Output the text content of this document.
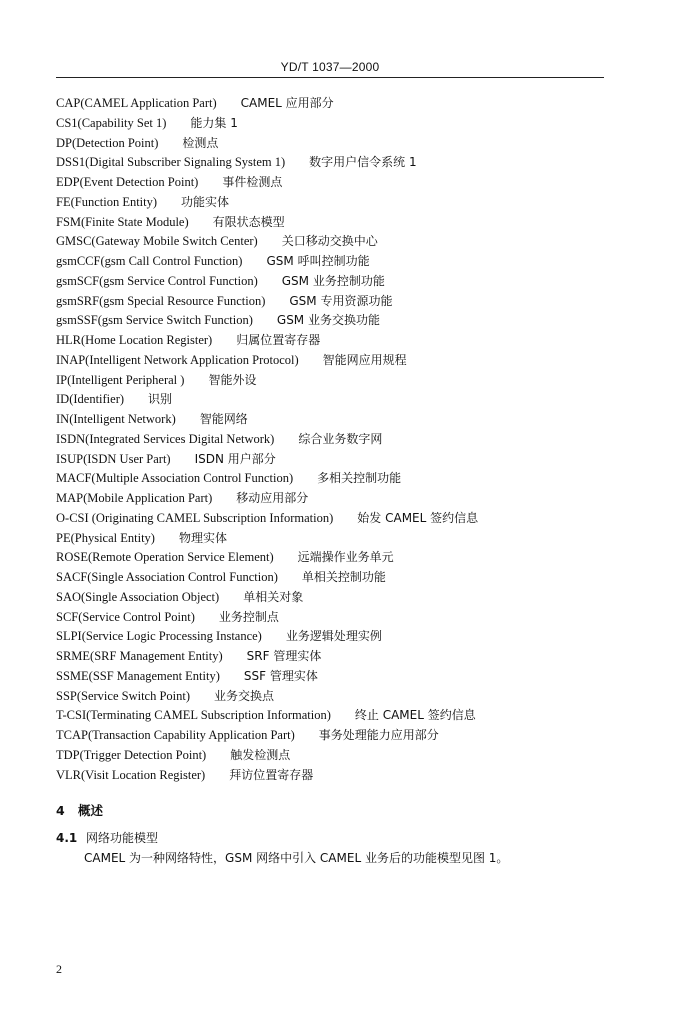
YD/T 1037—2000
CAP(CAMEL Application Part) CAMEL 应用部分
CS1(Capability Set 1) 能力集 1
DP(Detection Point) 检测点
DSS1(Digital Subscriber Signaling System 1) 数字用户信令系统 1
EDP(Event Detection Point) 事件检测点
FE(Function Entity) 功能实体
FSM(Finite State Module) 有限状态模型
GMSC(Gateway Mobile Switch Center) 关口移动交换中心
gsmCCF(gsm Call Control Function) GSM 呼叫控制功能
gsmSCF(gsm Service Control Function) GSM 业务控制功能
gsmSRF(gsm Special Resource Function) GSM 专用资源功能
gsmSSF(gsm Service Switch Function) GSM 业务交换功能
HLR(Home Location Register) 归属位置寄存器
INAP(Intelligent Network Application Protocol) 智能网应用规程
IP(Intelligent Peripheral ) 智能外设
ID(Identifier) 识别
IN(Intelligent Network) 智能网络
ISDN(Integrated Services Digital Network) 综合业务数字网
ISUP(ISDN User Part) ISDN 用户部分
MACF(Multiple Association Control Function) 多相关控制功能
MAP(Mobile Application Part) 移动应用部分
O-CSI (Originating CAMEL Subscription Information) 始发 CAMEL 签约信息
PE(Physical Entity) 物理实体
ROSE(Remote Operation Service Element) 远端操作业务单元
SACF(Single Association Control Function) 单相关控制功能
SAO(Single Association Object) 单相关对象
SCF(Service Control Point) 业务控制点
SLPI(Service Logic Processing Instance) 业务逻辑处理实例
SRME(SRF Management Entity) SRF 管理实体
SSME(SSF Management Entity) SSF 管理实体
SSP(Service Switch Point) 业务交换点
T-CSI(Terminating CAMEL Subscription Information) 终止 CAMEL 签约信息
TCAP(Transaction Capability Application Part) 事务处理能力应用部分
TDP(Trigger Detection Point) 触发检测点
VLR(Visit Location Register) 拜访位置寄存器
4 概述
4.1 网络功能模型
CAMEL 为一种网络特性，GSM 网络中引入 CAMEL 业务后的功能模型见图 1。
2
